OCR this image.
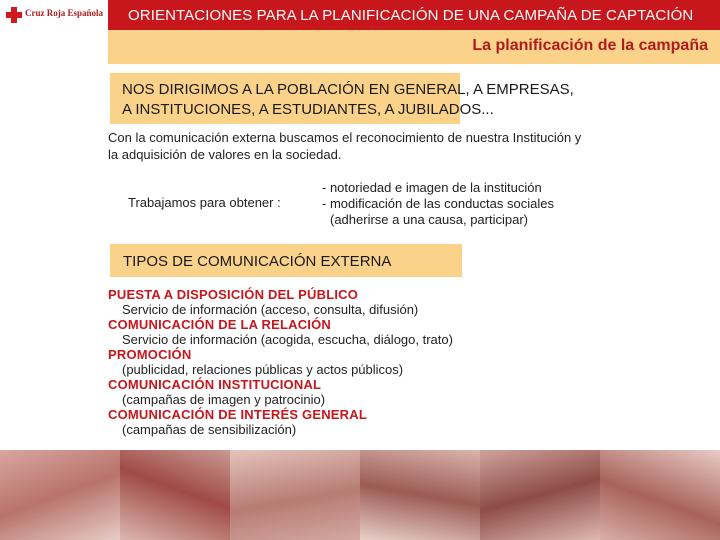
Cruz Roja Española ORIENTACIONES PARA LA PLANIFICACIÓN DE UNA CAMPAÑA DE CAPTACIÓN
La planificación de la campaña
NOS DIRIGIMOS A LA POBLACIÓN EN GENERAL, A EMPRESAS,
A INSTITUCIONES, A ESTUDIANTES, A JUBILADOS...
Con la comunicación externa buscamos el reconocimiento de nuestra Institución y
la adquisición de valores en la sociedad.
Trabajamos para obtener :
- notoriedad e imagen de la institución
- modificación de las conductas sociales
(adherirse a una causa, participar)
TIPOS DE COMUNICACIÓN EXTERNA
PUESTA A DISPOSICIÓN DEL PÚBLICO
Servicio de información (acceso, consulta, difusión)
COMUNICACIÓN DE LA RELACIÓN
Servicio de información (acogida, escucha, diálogo, trato)
PROMOCIÓN
(publicidad, relaciones públicas y actos públicos)
COMUNICACIÓN INSTITUCIONAL
(campañas de imagen y patrocinio)
COMUNICACIÓN DE INTERÉS GENERAL
(campañas de sensibilización)
